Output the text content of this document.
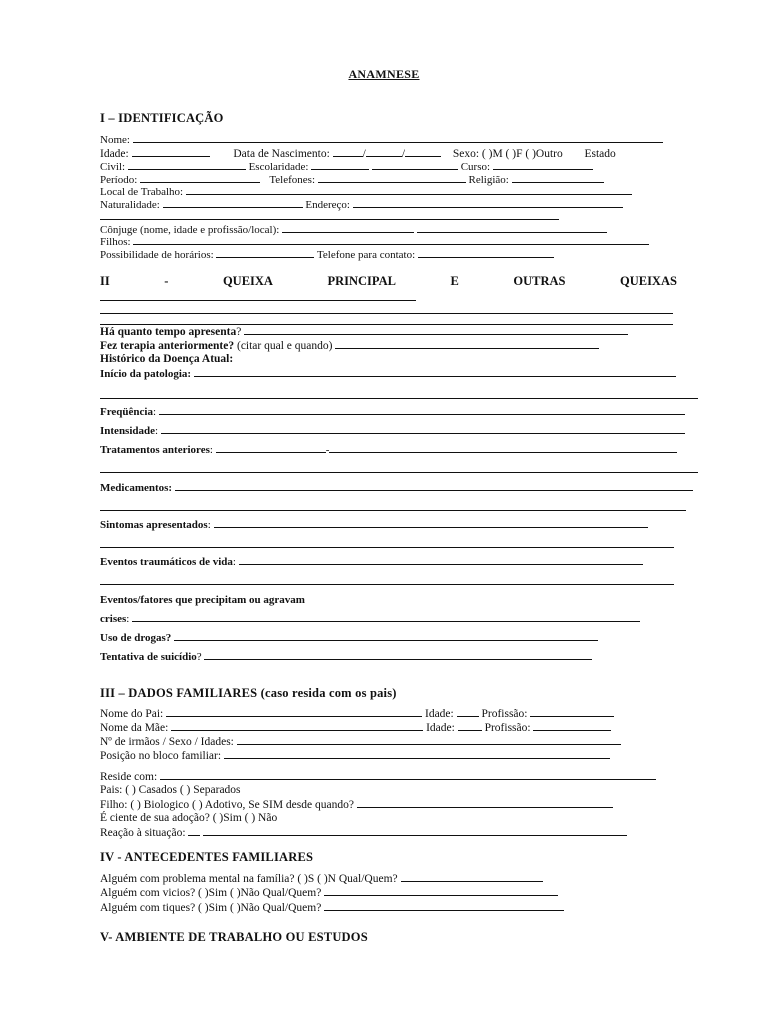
ANAMNESE
I – IDENTIFICAÇÃO
Nome:
Idade:	Data de Nascimento:	/	/	Sexo: ( )M ( )F ( )Outro Estado
Civil:	Escolaridade:	Curso:
Período:	Telefones:	Religião:
Local de Trabalho:
Naturalidade:	Endereço:
Cônjuge (nome, idade e profissão/local):
Filhos:
Possibilidade de horários:	Telefone para contato:
II	-	QUEIXA	PRINCIPAL	E	OUTRAS	QUEIXAS
Há quanto tempo apresenta?
Fez terapia anteriormente? (citar qual e quando)
Histórico da Doença Atual:
Início da patologia:
Freqüência:
Intensidade:
Tratamentos anteriores:	-
Medicamentos:
Sintomas apresentados:
Eventos traumáticos de vida:
Eventos/fatores que precipitam ou agravam
crises:
Uso de drogas?
Tentativa de suicídio?
III – DADOS FAMILIARES (caso resida com os pais)
Nome do Pai:	Idade: Profissão:
Nome da Mãe:	Idade:	Profissão:
Nº de irmãos / Sexo / Idades:
Posição no bloco familiar:
Reside com:
Pais: ( ) Casados ( ) Separados
Filho: ( ) Biologico ( ) Adotivo, Se SIM desde quando?
É ciente de sua adoção? ( )Sim ( ) Não
Reação à situação:
IV - ANTECEDENTES FAMILIARES
Alguém com problema mental na família? ( )S ( )N Qual/Quem?
Alguém com vicios? ( )Sim ( )Não Qual/Quem?
Alguém com tiques? ( )Sim ( )Não Qual/Quem?
V- AMBIENTE DE TRABALHO OU ESTUDOS
